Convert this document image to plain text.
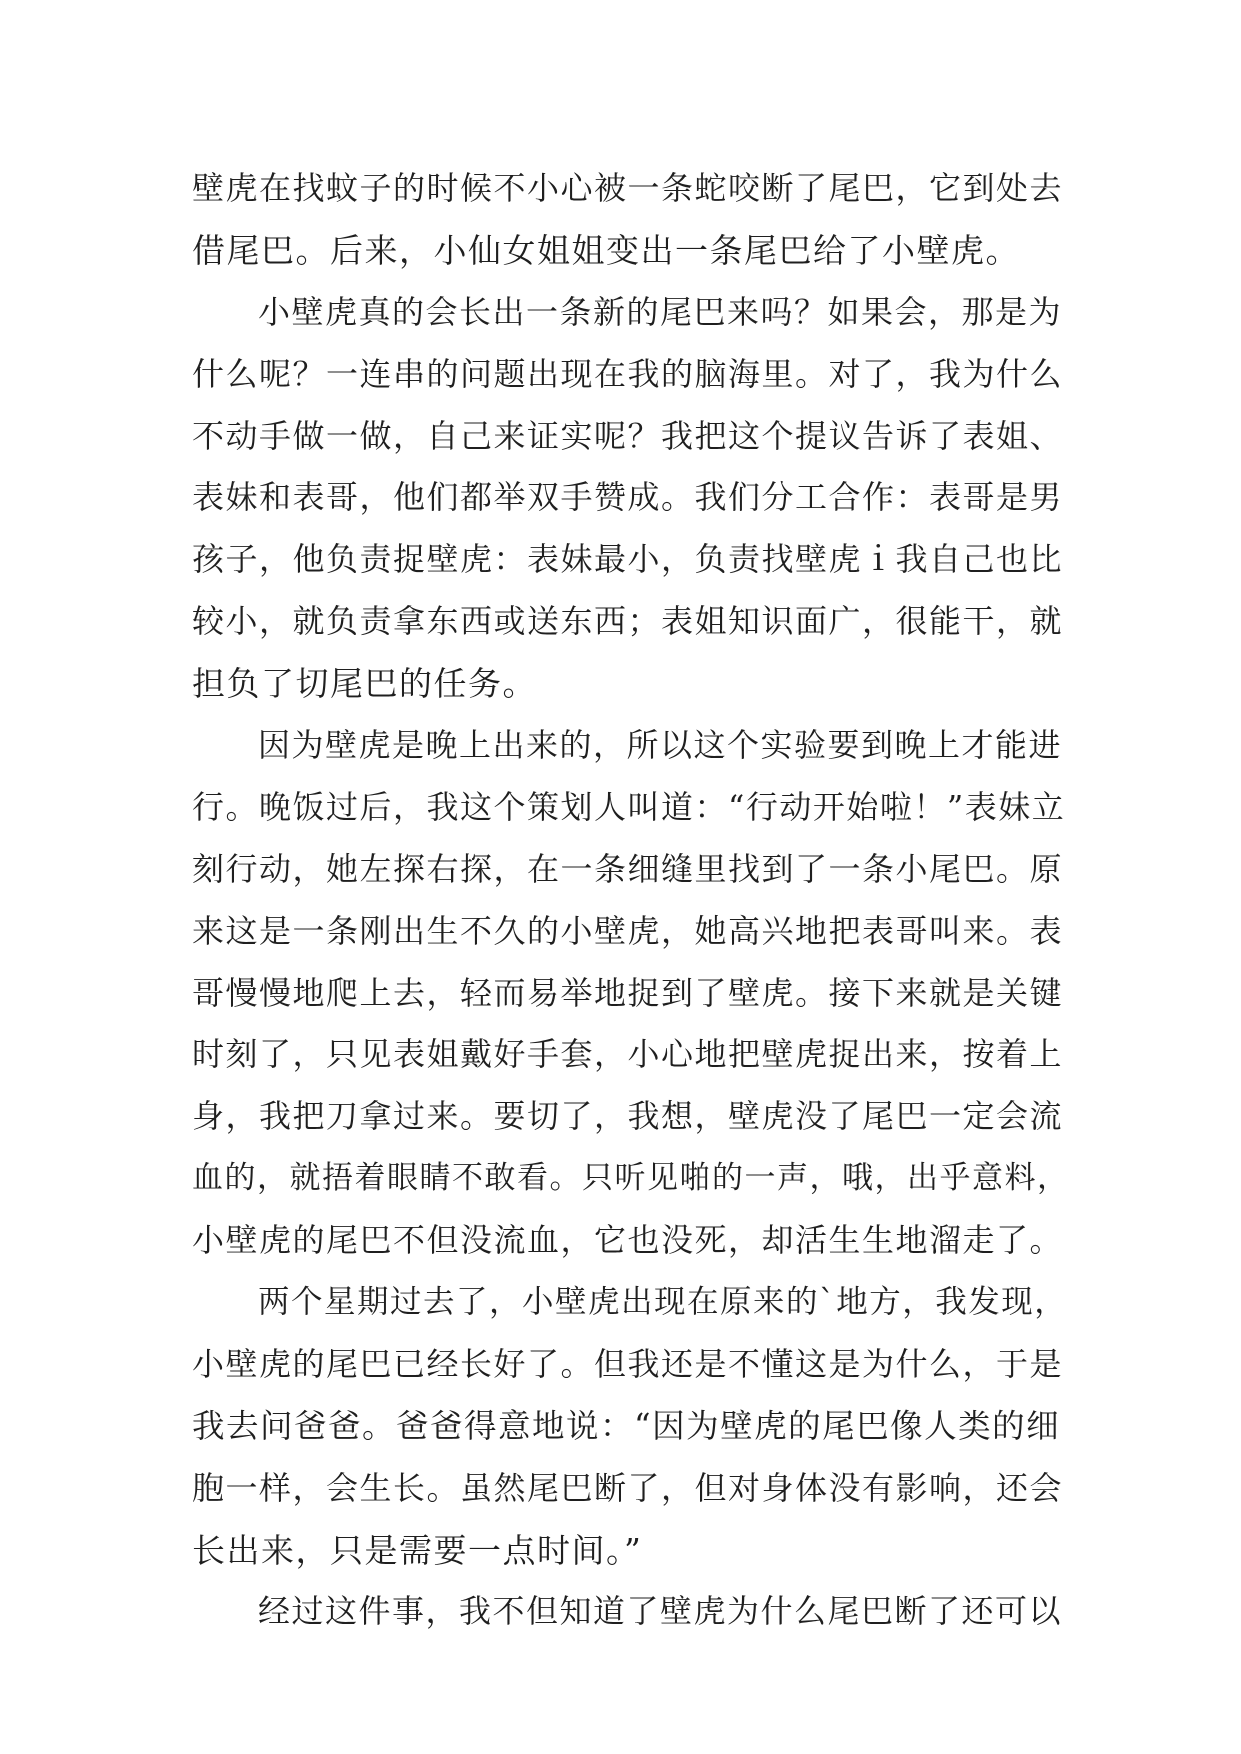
壁虎在找蚊子的时候不小心被一条蛇咬断了尾巴，它到处去
借尾巴。后来，小仙女姐姐变出一条尾巴给了小壁虎。
小壁虎真的会长出一条新的尾巴来吗？如果会，那是为
什么呢？一连串的问题出现在我的脑海里。对了，我为什么
不动手做一做，自己来证实呢？我把这个提议告诉了表姐、
表妹和表哥，他们都举双手赞成。我们分工合作：表哥是男
孩子，他负责捉壁虎：表妹最小，负责找壁虎ｉ我自己也比
较小，就负责拿东西或送东西；表姐知识面广，很能干，就
担负了切尾巴的任务。
因为壁虎是晚上出来的，所以这个实验要到晚上才能进
行。晚饭过后，我这个策划人叫道：“行动开始啦！”表妹立
刻行动，她左探右探，在一条细缝里找到了一条小尾巴。原
来这是一条刚出生不久的小壁虎，她高兴地把表哥叫来。表
哥慢慢地爬上去，轻而易举地捉到了壁虎。接下来就是关键
时刻了，只见表姐戴好手套，小心地把壁虎捉出来，按着上
身，我把刀拿过来。要切了，我想，壁虎没了尾巴一定会流
血的，就捂着眼睛不敢看。只听见啪的一声，哦，出乎意料，
小壁虎的尾巴不但没流血，它也没死，却活生生地溜走了。
两个星期过去了，小壁虎出现在原来的`地方，我发现，
小壁虎的尾巴已经长好了。但我还是不懂这是为什么，于是
我去问爸爸。爸爸得意地说：“因为壁虎的尾巴像人类的细
胞一样，会生长。虽然尾巴断了，但对身体没有影响，还会
长出来，只是需要一点时间。”
经过这件事，我不但知道了壁虎为什么尾巴断了还可以
